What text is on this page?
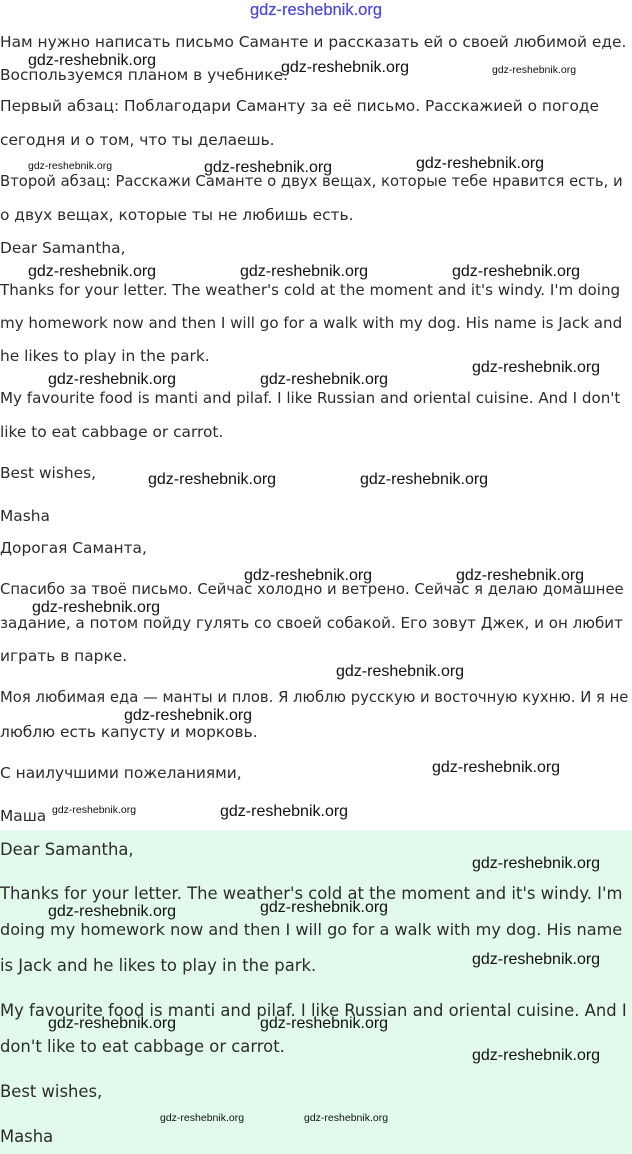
gdz-reshebnik.org
Нам нужно написать письмо Саманте и рассказать ей о своей любимой еде.
Воспользуемся планом в учебнике.
Первый абзац: Поблагодари Саманту за её письмо. Расскажией о погоде
сегодня и о том, что ты делаешь.
Второй абзац: Расскажи Саманте о двух вещах, которые тебе нравится есть, и
о двух вещах, которые ты не любишь есть.
Dear Samantha,
Thanks for your letter. The weather's cold at the moment and it's windy. I'm doing
my homework now and then I will go for a walk with my dog. His name is Jack and
he likes to play in the park.
My favourite food is manti and pilaf. I like Russian and oriental cuisine. And I don't
like to eat cabbage or carrot.
Best wishes,
Masha
Дорогая Саманта,
Спасибо за твоё письмо. Сейчас холодно и ветрено. Сейчас я делаю домашнее
задание, а потом пойду гулять со своей собакой. Его зовут Джек, и он любит
играть в парке.
Моя любимая еда — манты и плов. Я люблю русскую и восточную кухню. И я не
люблю есть капусту и морковь.
С наилучшими пожеланиями,
Маша
Dear Samantha,
Thanks for your letter. The weather's cold at the moment and it's windy. I'm
doing my homework now and then I will go for a walk with my dog. His name
is Jack and he likes to play in the park.
My favourite food is manti and pilaf. I like Russian and oriental cuisine. And I
don't like to eat cabbage or carrot.
Best wishes,
Masha
gdz-reshebnik.org	gdz-reshebnik.org	gdz-reshebnik.org
gdz-reshebnik.org	gdz-reshebnik.org	gdz-reshebnik.org
gdz-reshebnik.org	gdz-reshebnik.org	gdz-reshebnik.org
gdz-reshebnik.org
gdz-reshebnik.org	gdz-reshebnik.org
gdz-reshebnik.org	gdz-reshebnik.org
gdz-reshebnik.org	gdz-reshebnik.org
gdz-reshebnik.org
gdz-reshebnik.org
gdz-reshebnik.org
gdz-reshebnik.org
gdz-reshebnik.org	gdz-reshebnik.org
gdz-reshebnik.org
gdz-reshebnik.org
gdz-reshebnik.org
gdz-reshebnik.org
gdz-reshebnik.org	gdz-reshebnik.org
gdz-reshebnik.org
gdz-reshebnik.org	gdz-reshebnik.org
